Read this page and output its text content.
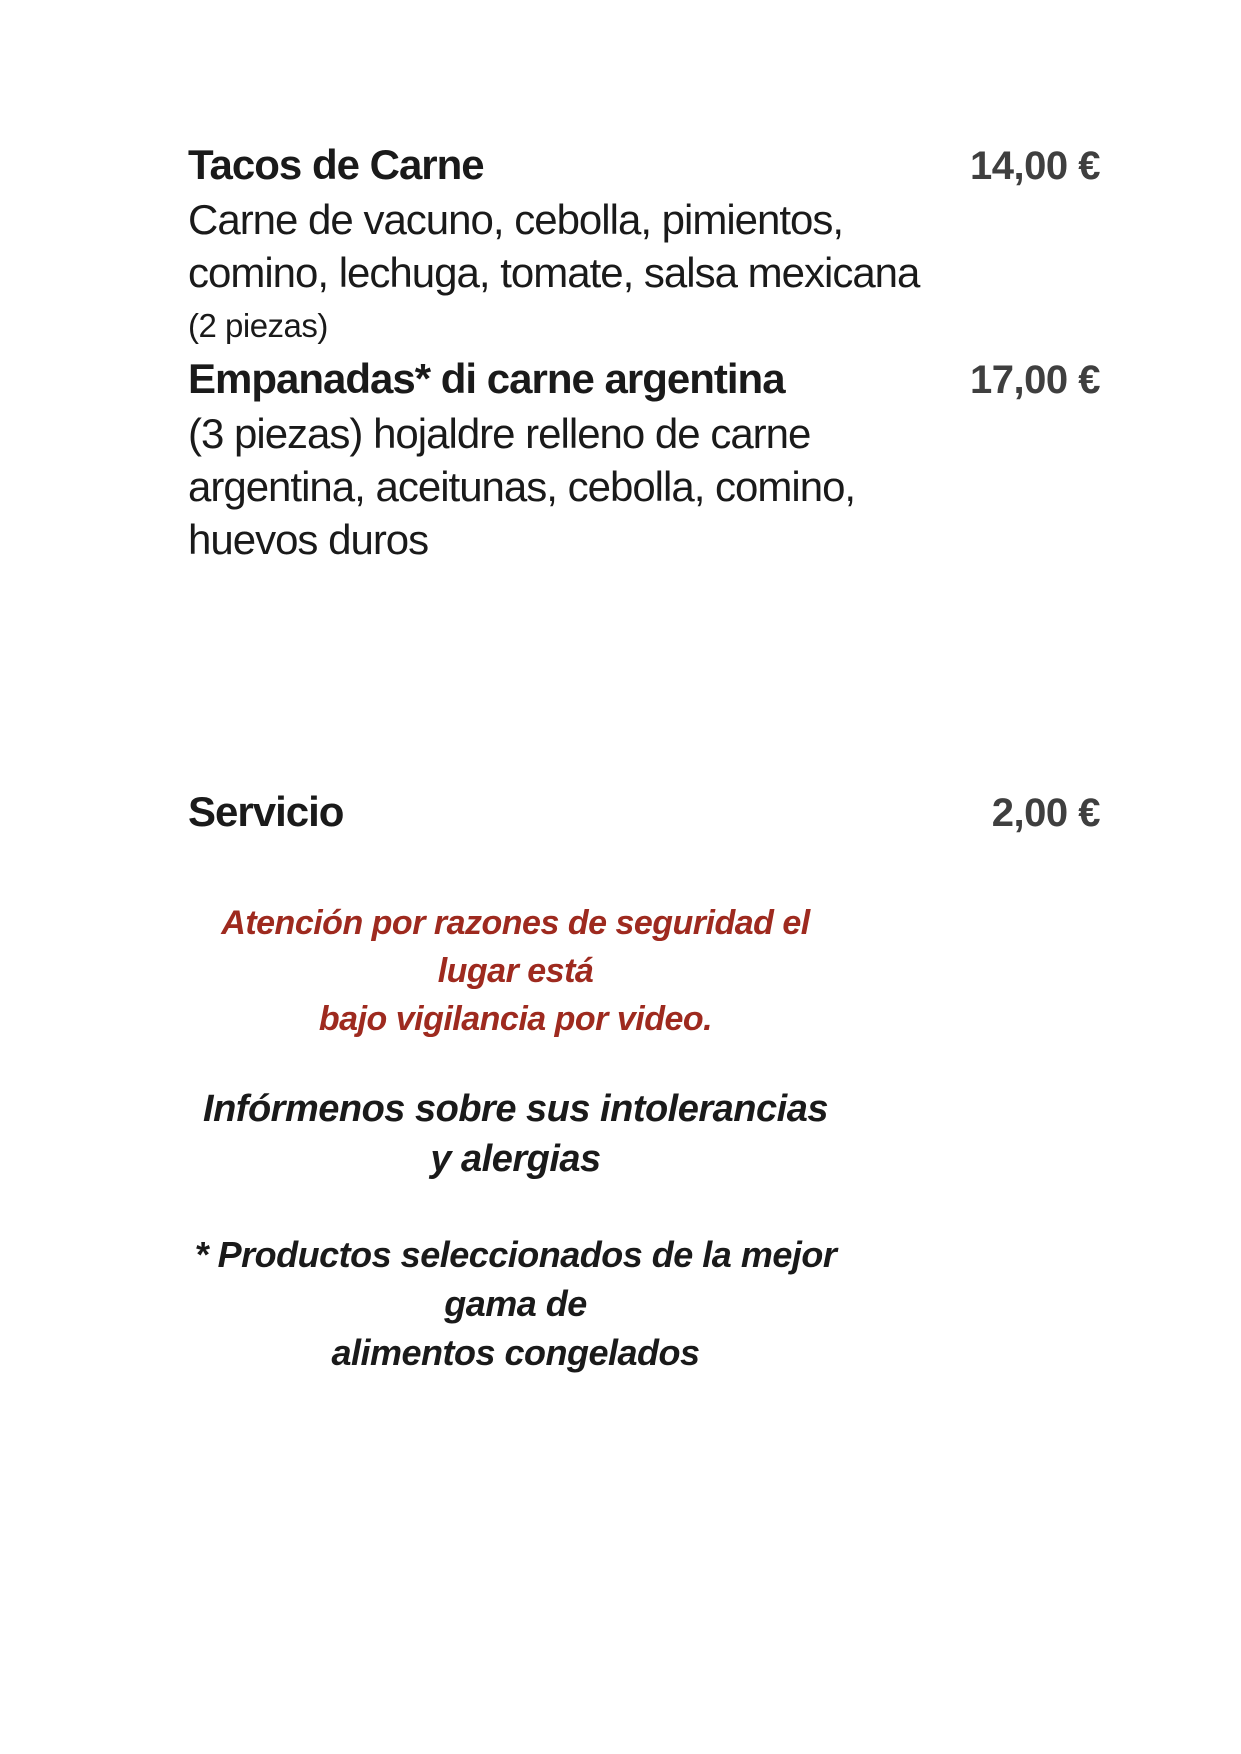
Tacos de Carne	14,00 €
Carne de vacuno, cebolla, pimientos,
comino, lechuga, tomate, salsa mexicana
(2 piezas)
Empanadas* di carne argentina	17,00 €
(3 piezas) hojaldre relleno de carne
argentina, aceitunas, cebolla, comino,
huevos duros
Servicio	2,00 €
Atención por razones de seguridad el lugar está
bajo vigilancia por video.
Infórmenos sobre sus intolerancias y alergias
* Productos seleccionados de la mejor gama de
alimentos congelados
